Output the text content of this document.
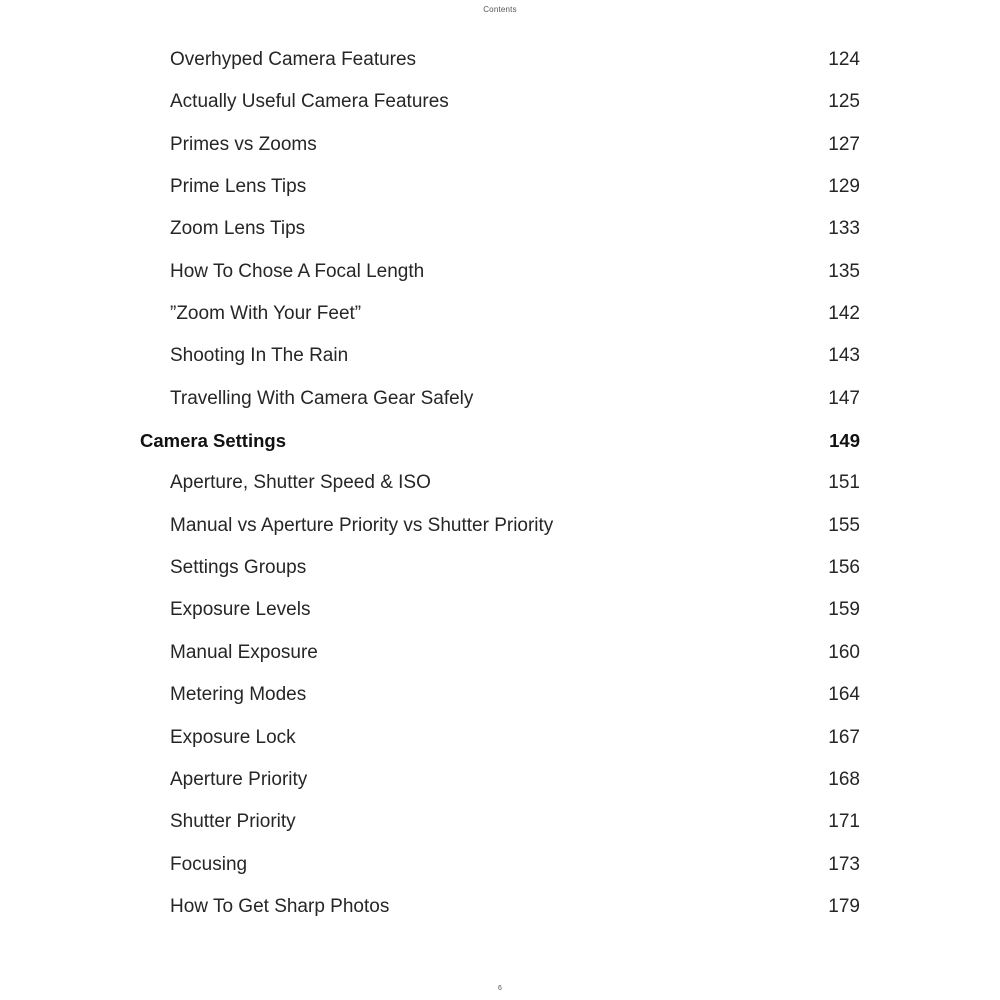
Contents
Overhyped Camera Features	124
Actually Useful Camera Features	125
Primes vs Zooms	127
Prime Lens Tips	129
Zoom Lens Tips	133
How To Chose A Focal Length	135
”Zoom With Your Feet”	142
Shooting In The Rain	143
Travelling With Camera Gear Safely	147
Camera Settings	149
Aperture, Shutter Speed & ISO	151
Manual vs Aperture Priority vs Shutter Priority	155
Settings Groups	156
Exposure Levels	159
Manual Exposure	160
Metering Modes	164
Exposure Lock	167
Aperture Priority	168
Shutter Priority	171
Focusing	173
How To Get Sharp Photos	179
6
